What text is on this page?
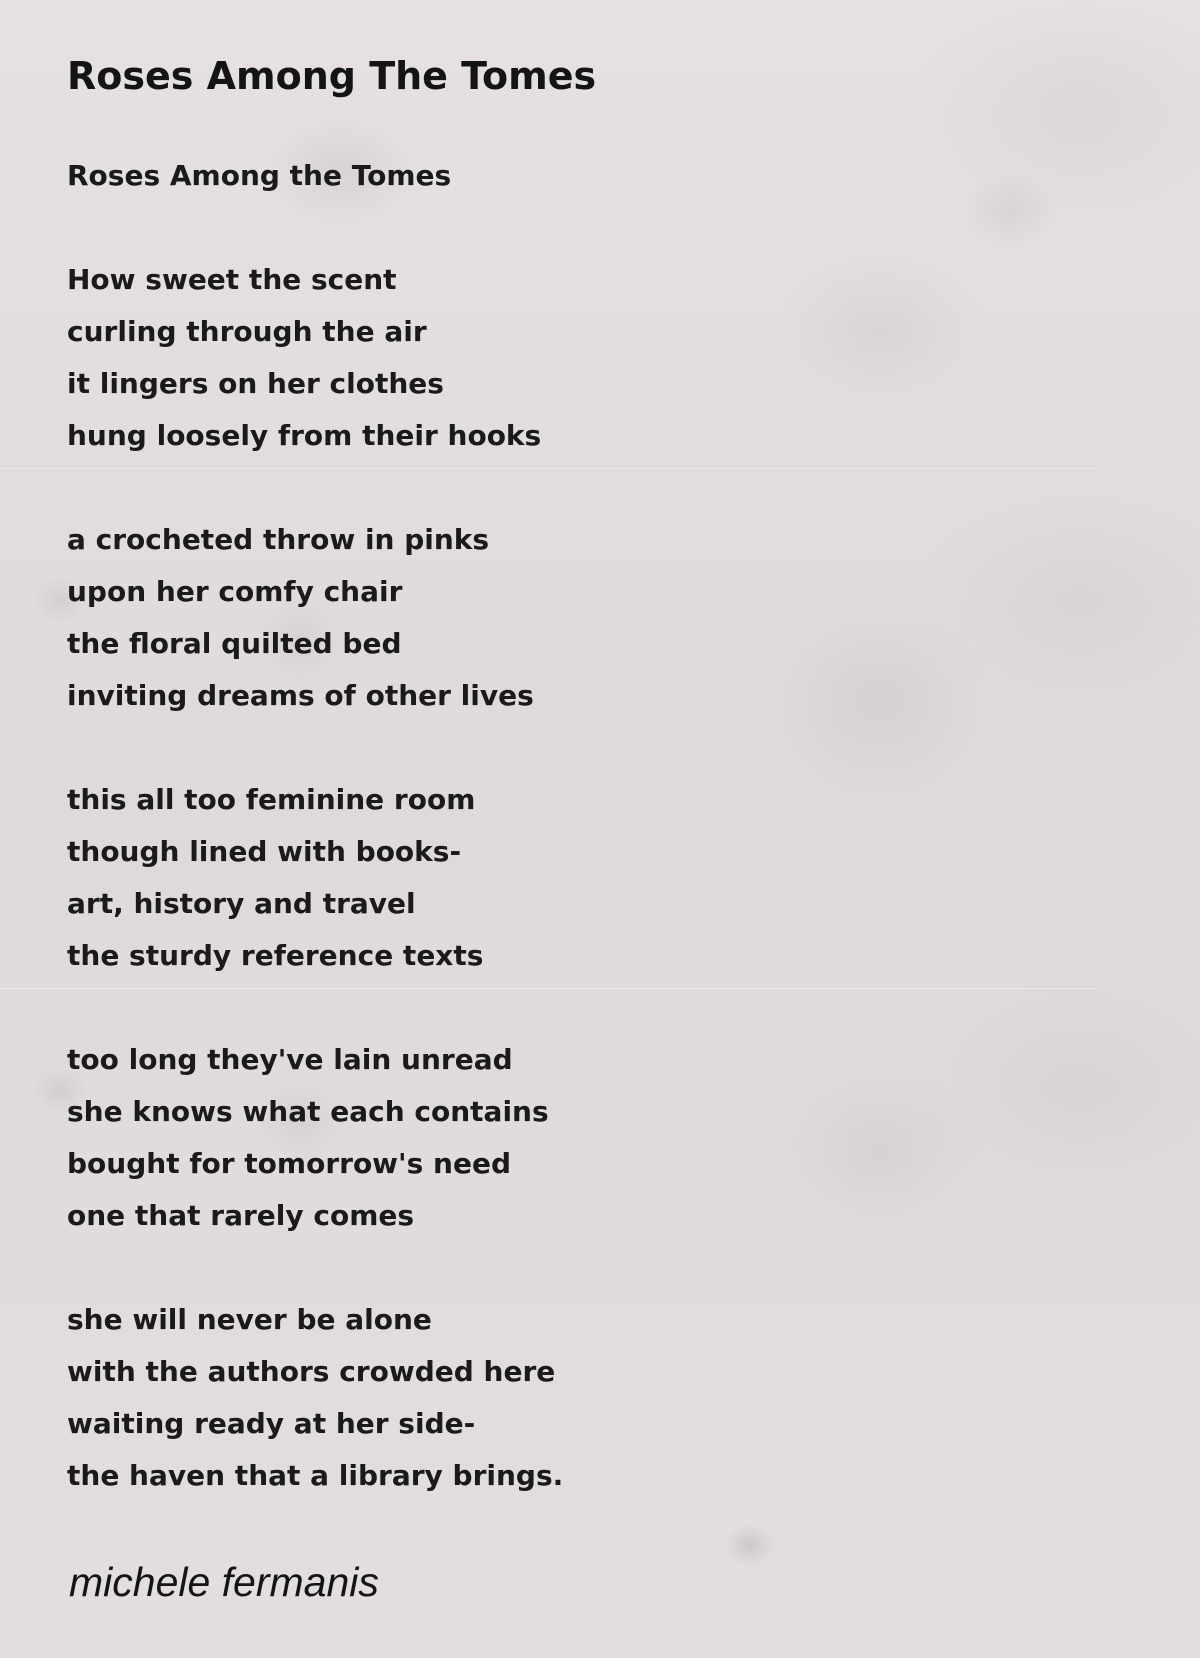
Roses Among The Tomes
Roses Among the Tomes
How sweet the scent
curling through the air
it lingers on her clothes
hung loosely from their hooks
a crocheted throw in pinks
upon her comfy chair
the floral quilted bed
inviting dreams of other lives
this all too feminine room
though lined with books-
art, history and travel
the sturdy reference texts
too long they've lain unread
she knows what each contains
bought for tomorrow's need
one that rarely comes
she will never be alone
with the authors crowded here
waiting ready at her side-
the haven that a library brings.
michele fermanis
